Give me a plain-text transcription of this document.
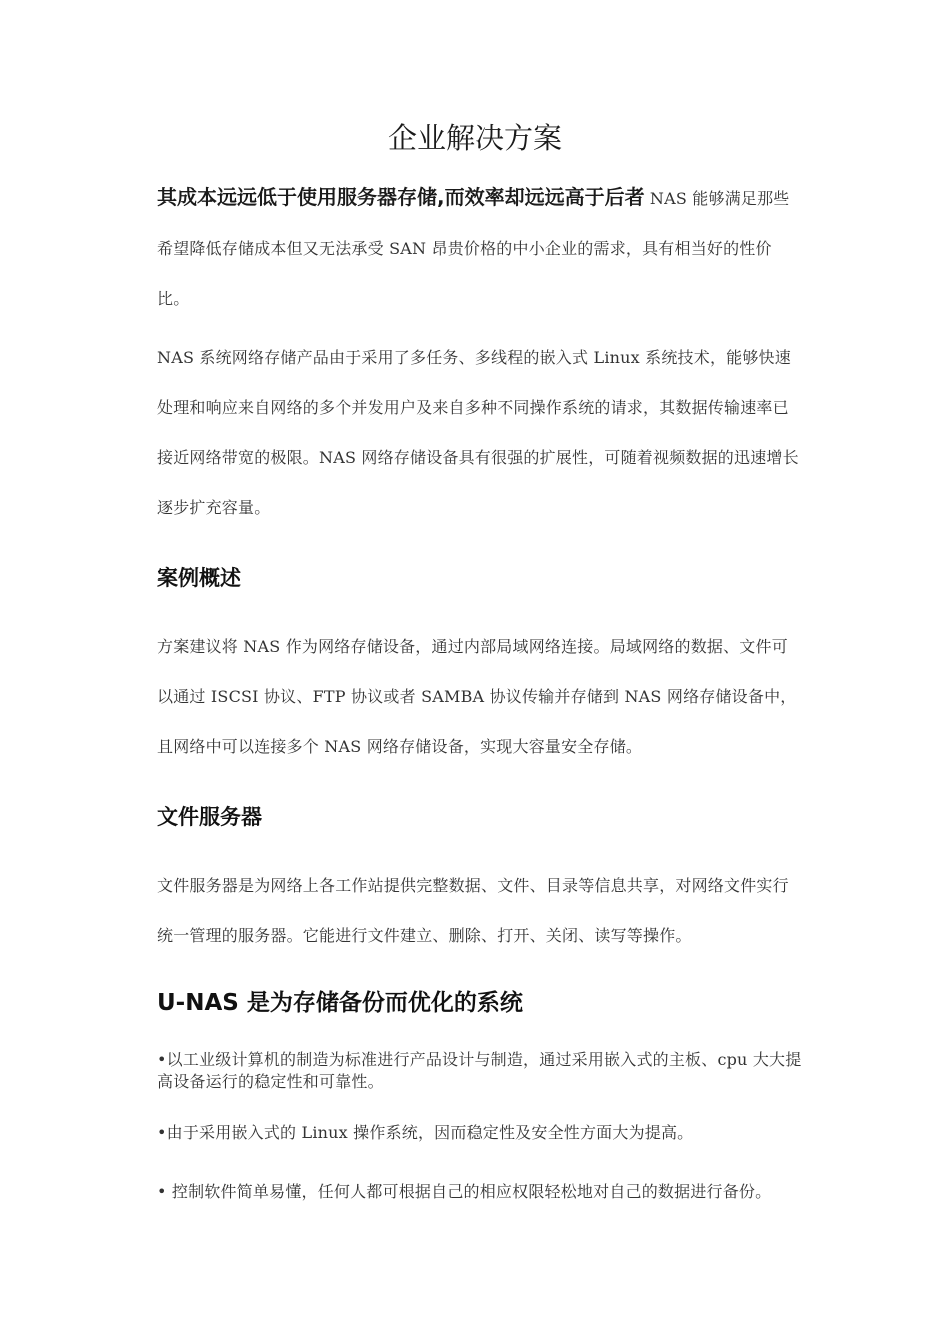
企业解决方案

其成本远远低于使用服务器存储,而效率却远远高于后者 NAS 能够满足那些希望降低存储成本但又无法承受 SAN 昂贵价格的中小企业的需求，具有相当好的性价比。

NAS 系统网络存储产品由于采用了多任务、多线程的嵌入式 Linux 系统技术，能够快速处理和响应来自网络的多个并发用户及来自多种不同操作系统的请求，其数据传输速率已接近网络带宽的极限。NAS 网络存储设备具有很强的扩展性，可随着视频数据的迅速增长逐步扩充容量。

案例概述

方案建议将 NAS 作为网络存储设备，通过内部局域网络连接。局域网络的数据、文件可以通过 ISCSI 协议、FTP 协议或者 SAMBA 协议传输并存储到 NAS 网络存储设备中，且网络中可以连接多个 NAS 网络存储设备，实现大容量安全存储。

文件服务器

文件服务器是为网络上各工作站提供完整数据、文件、目录等信息共享，对网络文件实行统一管理的服务器。它能进行文件建立、删除、打开、关闭、读写等操作。

U-NAS 是为存储备份而优化的系统

•以工业级计算机的制造为标准进行产品设计与制造，通过采用嵌入式的主板、cpu 大大提高设备运行的稳定性和可靠性。

•由于采用嵌入式的 Linux 操作系统，因而稳定性及安全性方面大为提高。

• 控制软件简单易懂，任何人都可根据自己的相应权限轻松地对自己的数据进行备份。
